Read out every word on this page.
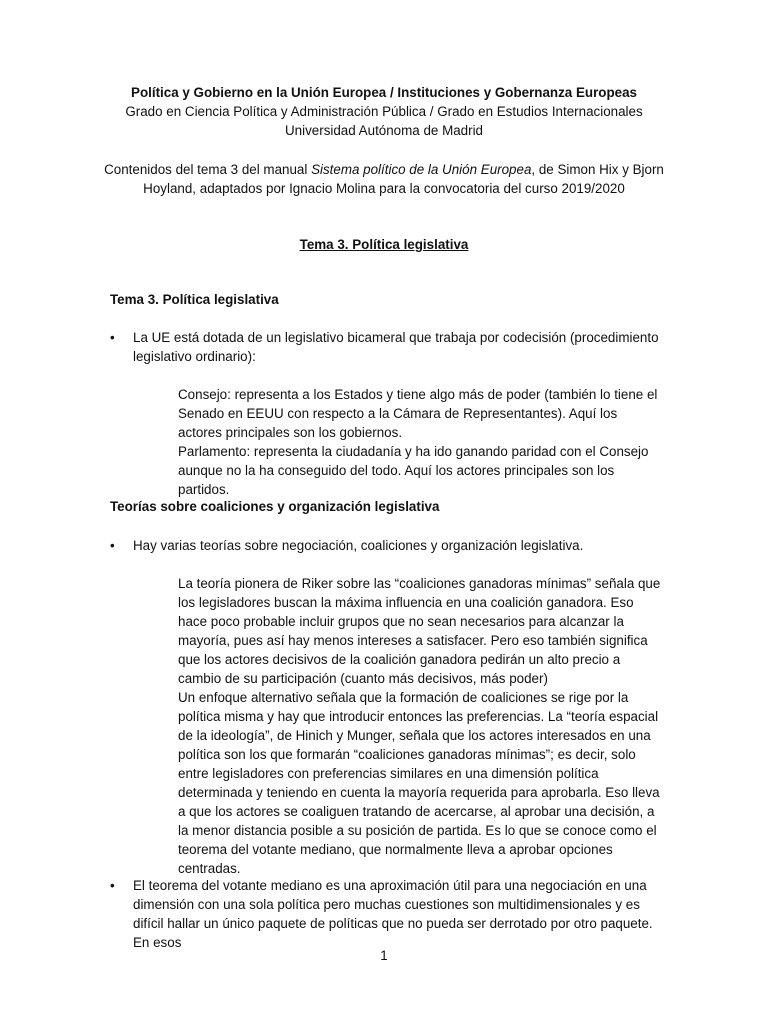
Política y Gobierno en la Unión Europea / Instituciones y Gobernanza Europeas

Grado en Ciencia Política y Administración Pública / Grado en Estudios Internacionales

Universidad Autónoma de Madrid

Contenidos del tema 3 del manual Sistema político de la Unión Europea, de Simon Hix y Bjorn Hoyland, adaptados por Ignacio Molina para la convocatoria del curso 2019/2020

Tema 3. Política legislativa

Tema 3. Política legislativa

• La UE está dotada de un legislativo bicameral que trabaja por codecisión (procedimiento legislativo ordinario):

Consejo: representa a los Estados y tiene algo más de poder (también lo tiene el Senado en EEUU con respecto a la Cámara de Representantes). Aquí los actores principales son los gobiernos.

Parlamento: representa la ciudadanía y ha ido ganando paridad con el Consejo aunque no la ha conseguido del todo. Aquí los actores principales son los partidos.

Teorías sobre coaliciones y organización legislativa

• Hay varias teorías sobre negociación, coaliciones y organización legislativa.

La teoría pionera de Riker sobre las “coaliciones ganadoras mínimas” señala que los legisladores buscan la máxima influencia en una coalición ganadora. Eso hace poco probable incluir grupos que no sean necesarios para alcanzar la mayoría, pues así hay menos intereses a satisfacer. Pero eso también significa que los actores decisivos de la coalición ganadora pedirán un alto precio a cambio de su participación (cuanto más decisivos, más poder)

Un enfoque alternativo señala que la formación de coaliciones se rige por la política misma y hay que introducir entonces las preferencias. La “teoría espacial de la ideología”, de Hinich y Munger, señala que los actores interesados en una política son los que formarán “coaliciones ganadoras mínimas”; es decir, solo entre legisladores con preferencias similares en una dimensión política determinada y teniendo en cuenta la mayoría requerida para aprobarla. Eso lleva a que los actores se coaliguen tratando de acercarse, al aprobar una decisión, a la menor distancia posible a su posición de partida. Es lo que se conoce como el teorema del votante mediano, que normalmente lleva a aprobar opciones centradas.

• El teorema del votante mediano es una aproximación útil para una negociación en una dimensión con una sola política pero muchas cuestiones son multidimensionales y es difícil hallar un único paquete de políticas que no pueda ser derrotado por otro paquete. En esos
1
